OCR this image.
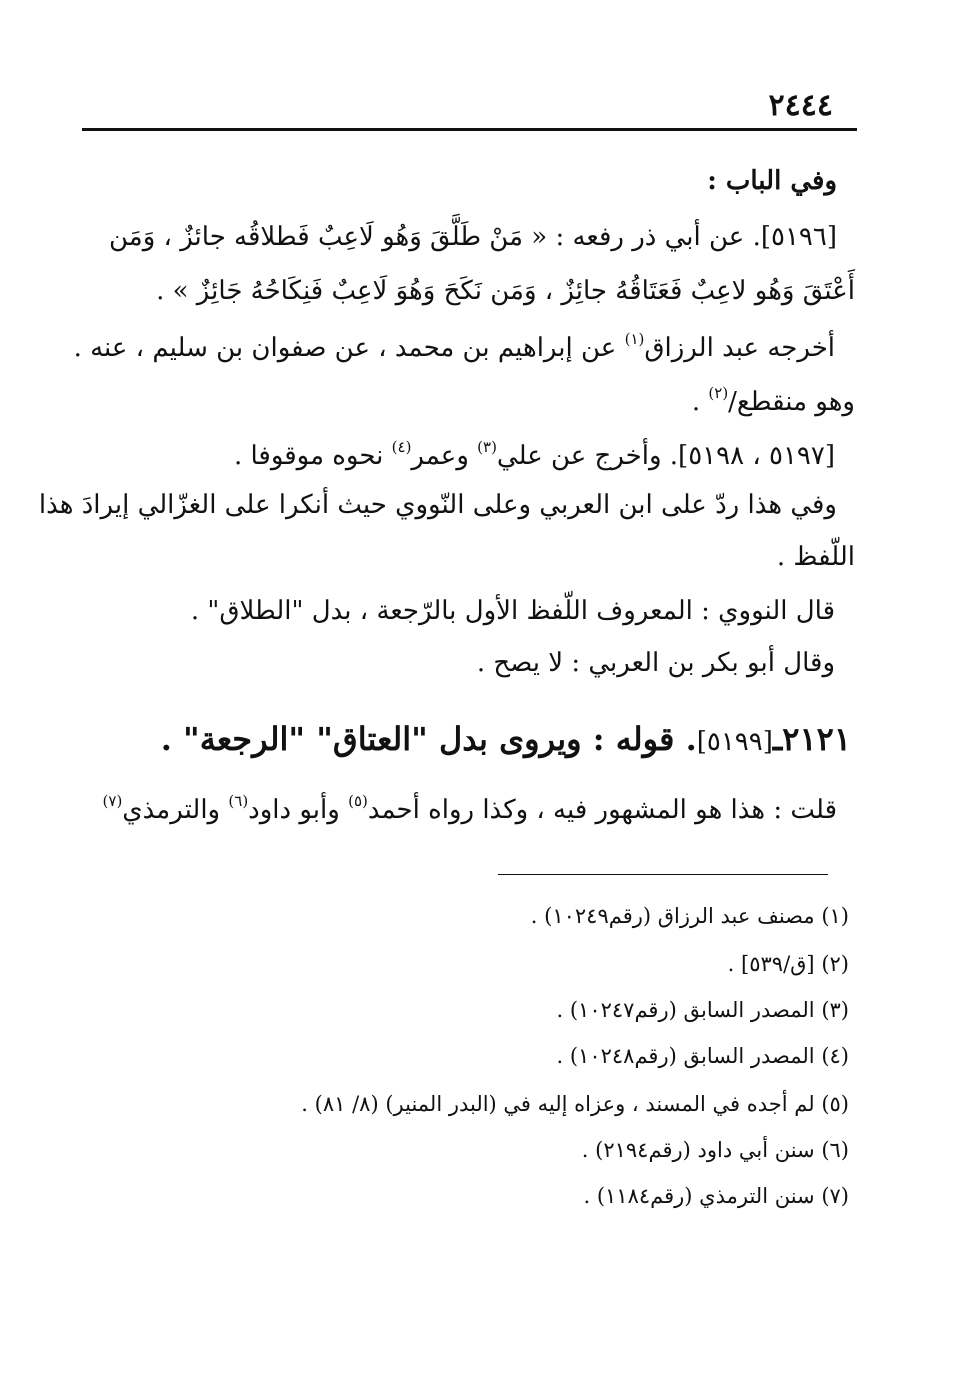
٢٤٤٤
وفي الباب :
[٥١٩٦]. عن أبي ذر رفعه : « مَنْ طَلَّقَ وَهُو لَاعِبٌ فَطلاقُه جائزٌ ، وَمَن
أَعْتَقَ وَهُو لاعِبٌ فَعَتَاقُهُ جائِزٌ ، وَمَن نَكَحَ وَهُوَ لَاعِبٌ فَنِكَاحُهُ جَائِزٌ » .
أخرجه عبد الرزاق$^{(١)}$ عن إبراهيم بن محمد ، عن صفوان بن سليم ، عنه .
وهو منقطع/$^{(٢)}$ .
[٥١٩٧ ، ٥١٩٨]. وأخرج عن علي$^{(٣)}$ وعمر$^{(٤)}$ نحوه موقوفا .
وفي هذا ردّ على ابن العربي وعلى النّووي حيث أنكرا على الغزّالي إيرادَ هذا
اللّفظ .
قال النووي : المعروف اللّفظ الأول بالرّجعة ، بدل "الطلاق" .
وقال أبو بكر بن العربي : لا يصح .
٢١٢١ـ[٥١٩٩]. قوله : ويروى بدل "العتاق" "الرجعة" .
قلت : هذا هو المشهور فيه ، وكذا رواه أحمد$^{(٥)}$ وأبو داود$^{(٦)}$ والترمذي$^{(٧)}$
(١) مصنف عبد الرزاق (رقم١٠٢٤٩) .
(٢) [ق/٥٣٩] .
(٣) المصدر السابق (رقم١٠٢٤٧) .
(٤) المصدر السابق (رقم١٠٢٤٨) .
(٥) لم أجده في المسند ، وعزاه إليه في (البدر المنير) (٨/ ٨١) .
(٦) سنن أبي داود (رقم٢١٩٤) .
(٧) سنن الترمذي (رقم١١٨٤) .
